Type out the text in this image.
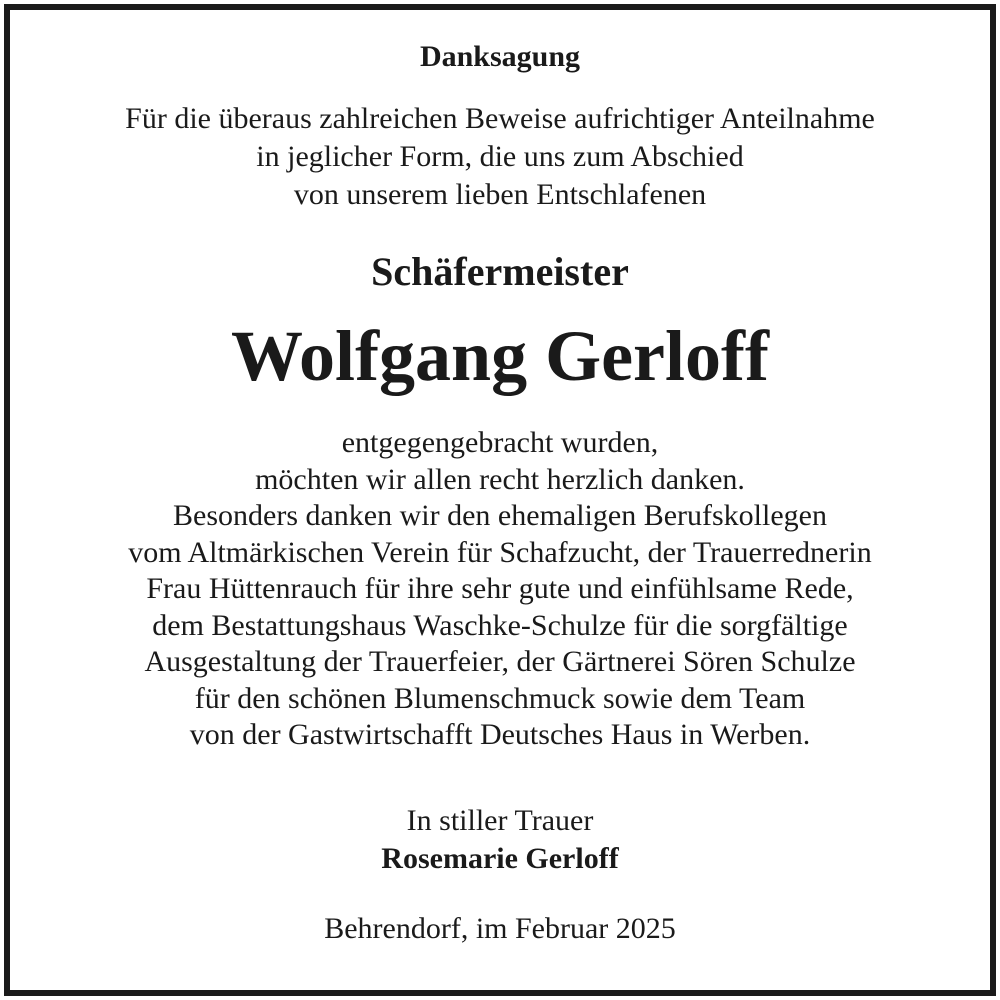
Danksagung
Für die überaus zahlreichen Beweise aufrichtiger Anteilnahme
in jeglicher Form, die uns zum Abschied
von unserem lieben Entschlafenen
Schäfermeister
Wolfgang Gerloff
entgegengebracht wurden,
möchten wir allen recht herzlich danken.
Besonders danken wir den ehemaligen Berufskollegen
vom Altmärkischen Verein für Schafzucht, der Trauerrednerin
Frau Hüttenrauch für ihre sehr gute und einfühlsame Rede,
dem Bestattungshaus Waschke-Schulze für die sorgfältige
Ausgestaltung der Trauerfeier, der Gärtnerei Sören Schulze
für den schönen Blumenschmuck sowie dem Team
von der Gastwirtschafft Deutsches Haus in Werben.
In stiller Trauer
Rosemarie Gerloff
Behrendorf, im Februar 2025
